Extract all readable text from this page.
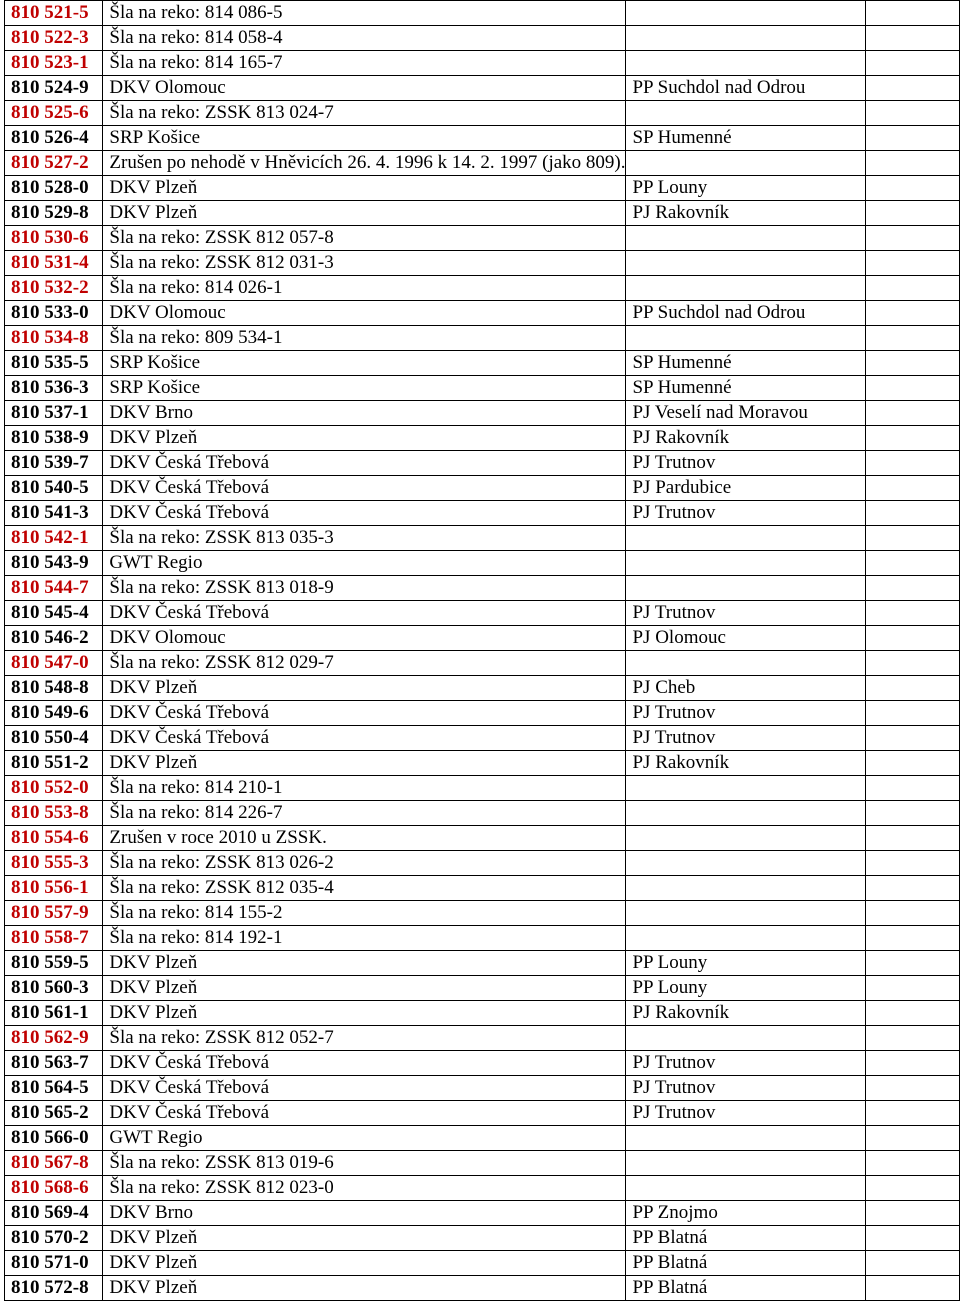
810 521-5	Šla na reko: 814 086-5		
810 522-3	Šla na reko: 814 058-4		
810 523-1	Šla na reko: 814 165-7		
810 524-9	DKV Olomouc	PP Suchdol nad Odrou	
810 525-6	Šla na reko: ZSSK 813 024-7		
810 526-4	SRP Košice	SP Humenné	
810 527-2	Zrušen po nehodě v Hněvicích 26. 4. 1996 k 14. 2. 1997 (jako 809).		
810 528-0	DKV Plzeň	PP Louny	
810 529-8	DKV Plzeň	PJ Rakovník	
810 530-6	Šla na reko: ZSSK 812 057-8		
810 531-4	Šla na reko: ZSSK 812 031-3		
810 532-2	Šla na reko: 814 026-1		
810 533-0	DKV Olomouc	PP Suchdol nad Odrou	
810 534-8	Šla na reko: 809 534-1		
810 535-5	SRP Košice	SP Humenné	
810 536-3	SRP Košice	SP Humenné	
810 537-1	DKV Brno	PJ Veselí nad Moravou	
810 538-9	DKV Plzeň	PJ Rakovník	
810 539-7	DKV Česká Třebová	PJ Trutnov	
810 540-5	DKV Česká Třebová	PJ Pardubice	
810 541-3	DKV Česká Třebová	PJ Trutnov	
810 542-1	Šla na reko: ZSSK 813 035-3		
810 543-9	GWT Regio		
810 544-7	Šla na reko: ZSSK 813 018-9		
810 545-4	DKV Česká Třebová	PJ Trutnov	
810 546-2	DKV Olomouc	PJ Olomouc	
810 547-0	Šla na reko: ZSSK 812 029-7		
810 548-8	DKV Plzeň	PJ Cheb	
810 549-6	DKV Česká Třebová	PJ Trutnov	
810 550-4	DKV Česká Třebová	PJ Trutnov	
810 551-2	DKV Plzeň	PJ Rakovník	
810 552-0	Šla na reko: 814 210-1		
810 553-8	Šla na reko: 814 226-7		
810 554-6	Zrušen v roce 2010 u ZSSK.		
810 555-3	Šla na reko: ZSSK 813 026-2		
810 556-1	Šla na reko: ZSSK 812 035-4		
810 557-9	Šla na reko: 814 155-2		
810 558-7	Šla na reko: 814 192-1		
810 559-5	DKV Plzeň	PP Louny	
810 560-3	DKV Plzeň	PP Louny	
810 561-1	DKV Plzeň	PJ Rakovník	
810 562-9	Šla na reko: ZSSK 812 052-7		
810 563-7	DKV Česká Třebová	PJ Trutnov	
810 564-5	DKV Česká Třebová	PJ Trutnov	
810 565-2	DKV Česká Třebová	PJ Trutnov	
810 566-0	GWT Regio		
810 567-8	Šla na reko: ZSSK 813 019-6		
810 568-6	Šla na reko: ZSSK 812 023-0		
810 569-4	DKV Brno	PP Znojmo	
810 570-2	DKV Plzeň	PP Blatná	
810 571-0	DKV Plzeň	PP Blatná	
810 572-8	DKV Plzeň	PP Blatná	
